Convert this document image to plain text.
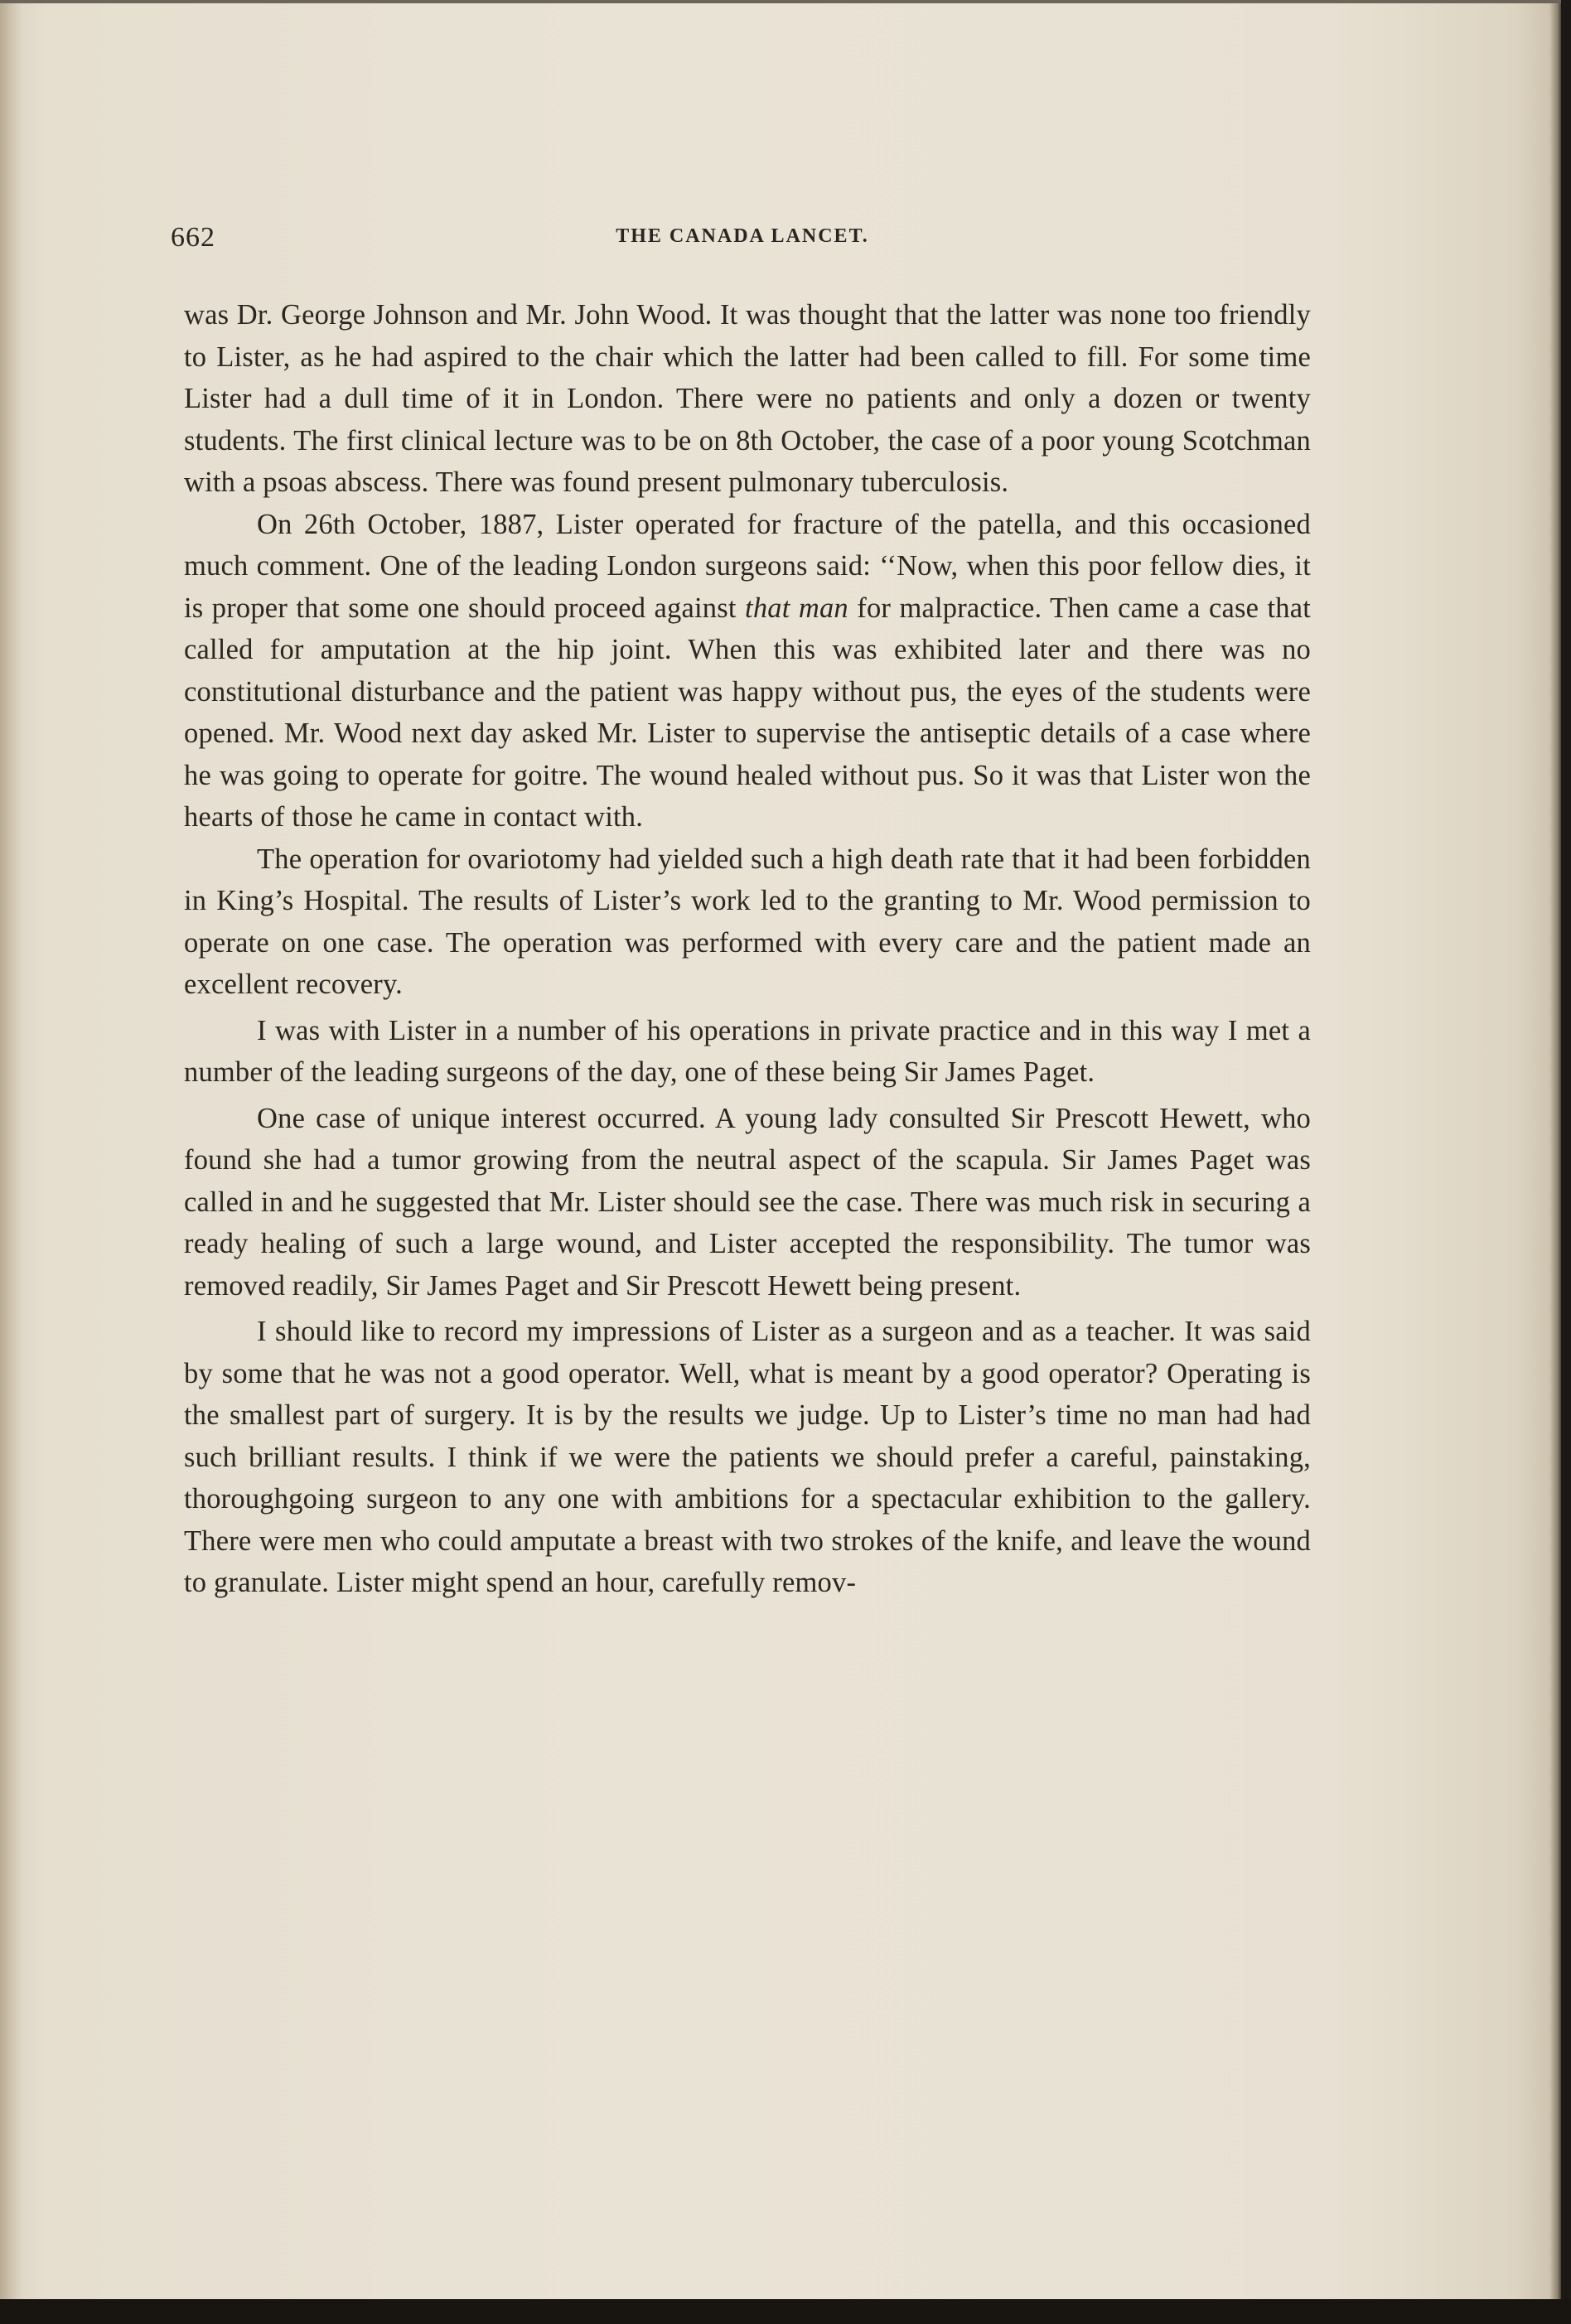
662	THE CANADA LANCET.

was Dr. George Johnson and Mr. John Wood. It was thought that the latter was none too friendly to Lister, as he had aspired to the chair which the latter had been called to fill. For some time Lister had a dull time of it in London. There were no patients and only a dozen or twenty students. The first clinical lecture was to be on 8th October, the case of a poor young Scotchman with a psoas abscess. There was found present pulmonary tuberculosis.

On 26th October, 1887, Lister operated for fracture of the patella, and this occasioned much comment. One of the leading London surgeons said: ‘‘Now, when this poor fellow dies, it is proper that some one should proceed against that man for malpractice. Then came a case that called for amputation at the hip joint. When this was exhibited later and there was no constitutional disturbance and the patient was happy without pus, the eyes of the students were opened. Mr. Wood next day asked Mr. Lister to supervise the antiseptic details of a case where he was going to operate for goitre. The wound healed without pus. So it was that Lister won the hearts of those he came in contact with.

The operation for ovariotomy had yielded such a high death rate that it had been forbidden in King’s Hospital. The results of Lister’s work led to the granting to Mr. Wood permission to operate on one case. The operation was performed with every care and the patient made an excellent recovery.

I was with Lister in a number of his operations in private practice and in this way I met a number of the leading surgeons of the day, one of these being Sir James Paget.

One case of unique interest occurred. A young lady consulted Sir Prescott Hewett, who found she had a tumor growing from the neutral aspect of the scapula. Sir James Paget was called in and he suggested that Mr. Lister should see the case. There was much risk in securing a ready healing of such a large wound, and Lister accepted the responsibility. The tumor was removed readily, Sir James Paget and Sir Prescott Hewett being present.

I should like to record my impressions of Lister as a surgeon and as a teacher. It was said by some that he was not a good operator. Well, what is meant by a good operator? Operating is the smallest part of surgery. It is by the results we judge. Up to Lister’s time no man had had such brilliant results. I think if we were the patients we should prefer a careful, painstaking, thoroughgoing surgeon to any one with ambitions for a spectacular exhibition to the gallery. There were men who could amputate a breast with two strokes of the knife, and leave the wound to granulate. Lister might spend an hour, carefully remov-
